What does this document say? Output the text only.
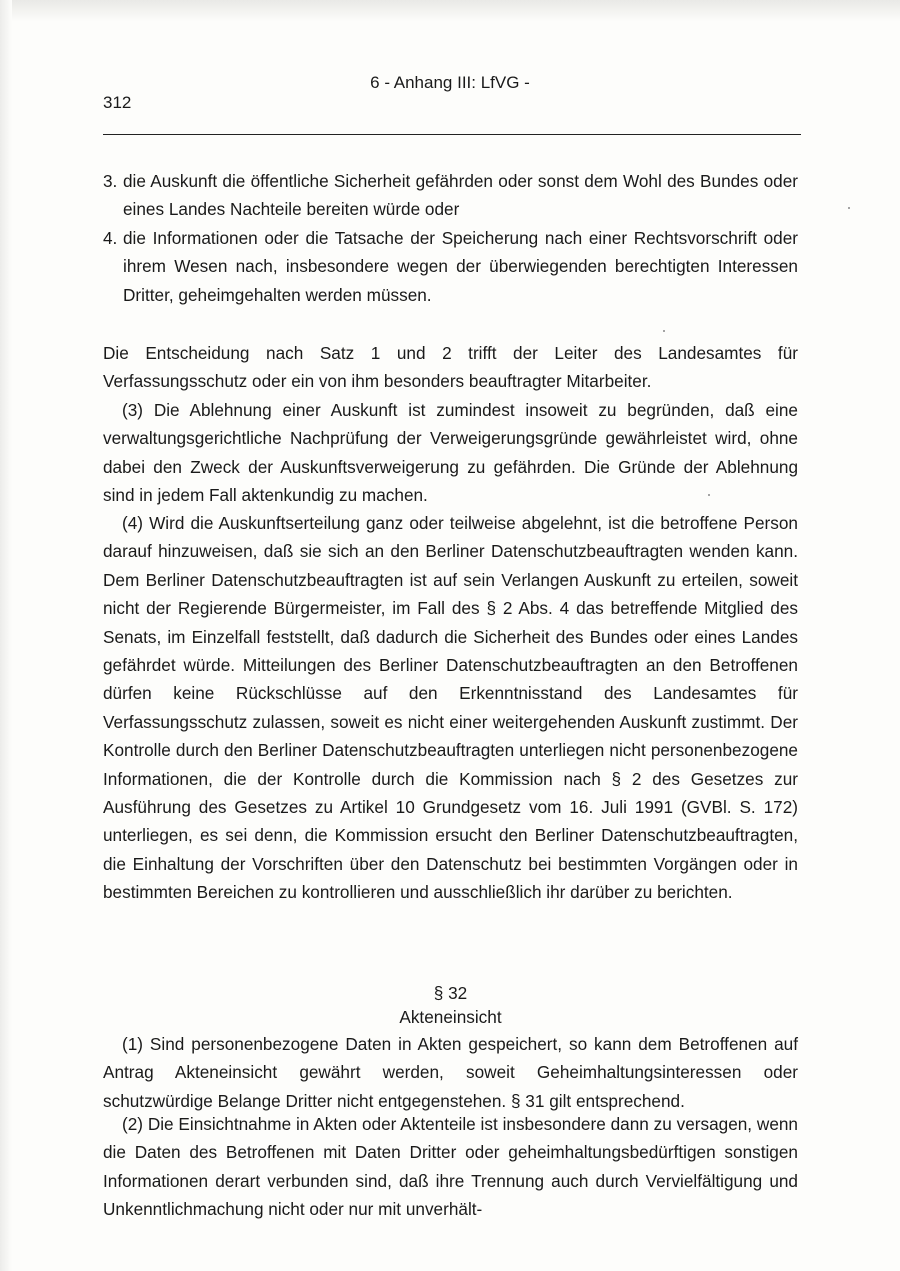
6 - Anhang III: LfVG -
312
3. die Auskunft die öffentliche Sicherheit gefährden oder sonst dem Wohl des Bundes oder eines Landes Nachteile bereiten würde oder
4. die Informationen oder die Tatsache der Speicherung nach einer Rechtsvorschrift oder ihrem Wesen nach, insbesondere wegen der überwiegenden berechtigten Interessen Dritter, geheimgehalten werden müssen.

Die Entscheidung nach Satz 1 und 2 trifft der Leiter des Landesamtes für Verfassungsschutz oder ein von ihm besonders beauftragter Mitarbeiter.

(3) Die Ablehnung einer Auskunft ist zumindest insoweit zu begründen, daß eine verwaltungsgerichtliche Nachprüfung der Verweigerungsgründe gewährleistet wird, ohne dabei den Zweck der Auskunftsverweigerung zu gefährden. Die Gründe der Ablehnung sind in jedem Fall aktenkundig zu machen.

(4) Wird die Auskunftserteilung ganz oder teilweise abgelehnt, ist die betroffene Person darauf hinzuweisen, daß sie sich an den Berliner Datenschutzbeauftragten wenden kann. Dem Berliner Datenschutzbeauftragten ist auf sein Verlangen Auskunft zu erteilen, soweit nicht der Regierende Bürgermeister, im Fall des § 2 Abs. 4 das betreffende Mitglied des Senats, im Einzelfall feststellt, daß dadurch die Sicherheit des Bundes oder eines Landes gefährdet würde. Mitteilungen des Berliner Datenschutzbeauftragten an den Betroffenen dürfen keine Rückschlüsse auf den Erkenntnisstand des Landesamtes für Verfassungsschutz zulassen, soweit es nicht einer weitergehenden Auskunft zustimmt. Der Kontrolle durch den Berliner Datenschutzbeauftragten unterliegen nicht personenbezogene Informationen, die der Kontrolle durch die Kommission nach § 2 des Gesetzes zur Ausführung des Gesetzes zu Artikel 10 Grundgesetz vom 16. Juli 1991 (GVBl. S. 172) unterliegen, es sei denn, die Kommission ersucht den Berliner Datenschutzbeauftragten, die Einhaltung der Vorschriften über den Datenschutz bei bestimmten Vorgängen oder in bestimmten Bereichen zu kontrollieren und ausschließlich ihr darüber zu berichten.

§ 32
Akteneinsicht

(1) Sind personenbezogene Daten in Akten gespeichert, so kann dem Betroffenen auf Antrag Akteneinsicht gewährt werden, soweit Geheimhaltungsinteressen oder schutzwürdige Belange Dritter nicht entgegenstehen. § 31 gilt entsprechend.

(2) Die Einsichtnahme in Akten oder Aktenteile ist insbesondere dann zu versagen, wenn die Daten des Betroffenen mit Daten Dritter oder geheimhaltungsbedürftigen sonstigen Informationen derart verbunden sind, daß ihre Trennung auch durch Vervielfältigung und Unkenntlichmachung nicht oder nur mit unverhält-
